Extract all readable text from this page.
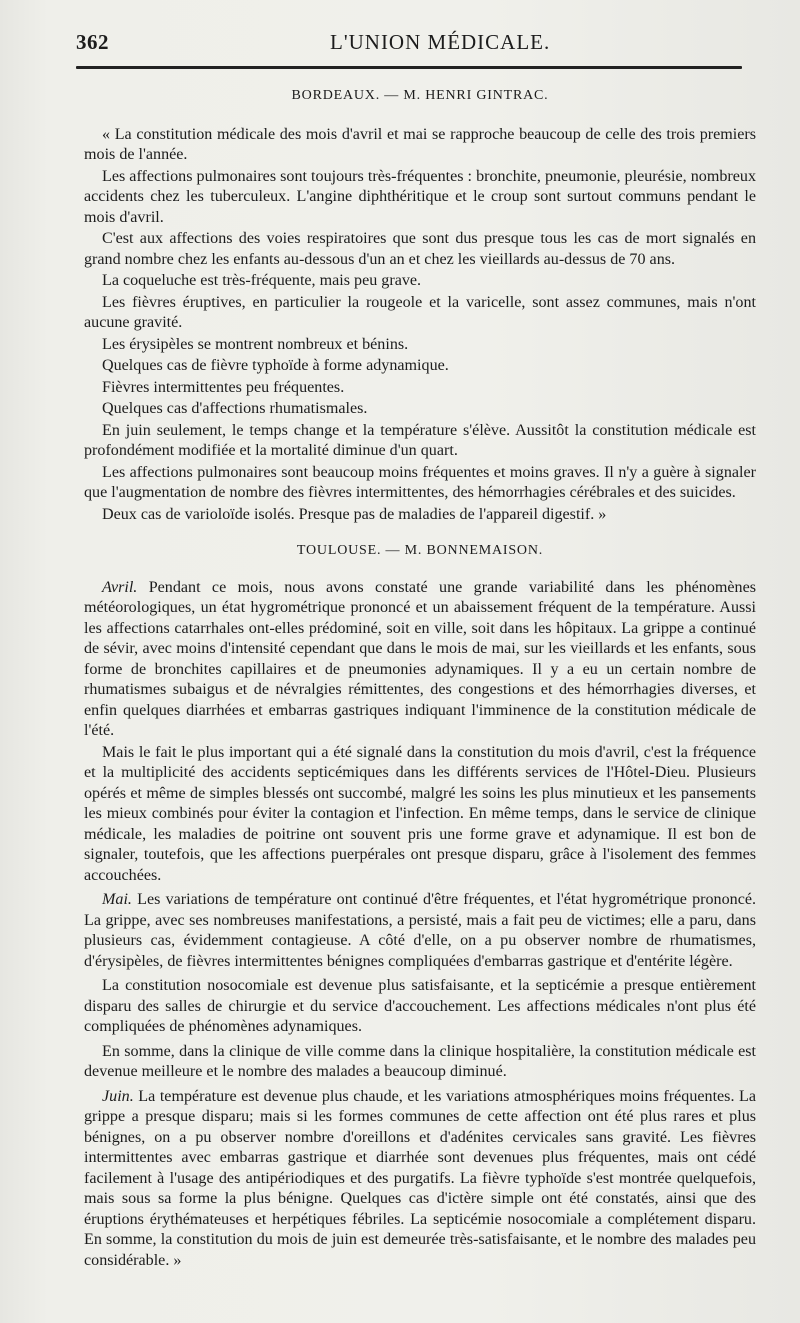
362	L'UNION MÉDICALE.
BORDEAUX. — M. HENRI GINTRAC.

« La constitution médicale des mois d'avril et mai se rapproche beaucoup de celle des trois premiers mois de l'année.

Les affections pulmonaires sont toujours très-fréquentes : bronchite, pneumonie, pleurésie, nombreux accidents chez les tuberculeux. L'angine diphthéritique et le croup sont surtout communs pendant le mois d'avril.

C'est aux affections des voies respiratoires que sont dus presque tous les cas de mort signalés en grand nombre chez les enfants au-dessous d'un an et chez les vieillards au-dessus de 70 ans.

La coqueluche est très-fréquente, mais peu grave.

Les fièvres éruptives, en particulier la rougeole et la varicelle, sont assez communes, mais n'ont aucune gravité.

Les érysipèles se montrent nombreux et bénins.

Quelques cas de fièvre typhoïde à forme adynamique.

Fièvres intermittentes peu fréquentes.

Quelques cas d'affections rhumatismales.

En juin seulement, le temps change et la température s'élève. Aussitôt la constitution médicale est profondément modifiée et la mortalité diminue d'un quart.

Les affections pulmonaires sont beaucoup moins fréquentes et moins graves. Il n'y a guère à signaler que l'augmentation de nombre des fièvres intermittentes, des hémorrhagies cérébrales et des suicides.

Deux cas de varioloïde isolés. Presque pas de maladies de l'appareil digestif. »

TOULOUSE. — M. BONNEMAISON.

Avril. Pendant ce mois, nous avons constaté une grande variabilité dans les phénomènes météorologiques, un état hygrométrique prononcé et un abaissement fréquent de la température. Aussi les affections catarrhales ont-elles prédominé, soit en ville, soit dans les hôpitaux. La grippe a continué de sévir, avec moins d'intensité cependant que dans le mois de mai, sur les vieillards et les enfants, sous forme de bronchites capillaires et de pneumonies adynamiques. Il y a eu un certain nombre de rhumatismes subaigus et de névralgies rémittentes, des congestions et des hémorrhagies diverses, et enfin quelques diarrhées et embarras gastriques indiquant l'imminence de la constitution médicale de l'été.

Mais le fait le plus important qui a été signalé dans la constitution du mois d'avril, c'est la fréquence et la multiplicité des accidents septicémiques dans les différents services de l'Hôtel-Dieu. Plusieurs opérés et même de simples blessés ont succombé, malgré les soins les plus minutieux et les pansements les mieux combinés pour éviter la contagion et l'infection. En même temps, dans le service de clinique médicale, les maladies de poitrine ont souvent pris une forme grave et adynamique. Il est bon de signaler, toutefois, que les affections puerpérales ont presque disparu, grâce à l'isolement des femmes accouchées.

Mai. Les variations de température ont continué d'être fréquentes, et l'état hygrométrique prononcé. La grippe, avec ses nombreuses manifestations, a persisté, mais a fait peu de victimes; elle a paru, dans plusieurs cas, évidemment contagieuse. A côté d'elle, on a pu observer nombre de rhumatismes, d'érysipèles, de fièvres intermittentes bénignes compliquées d'embarras gastrique et d'entérite légère.

La constitution nosocomiale est devenue plus satisfaisante, et la septicémie a presque entièrement disparu des salles de chirurgie et du service d'accouchement. Les affections médicales n'ont plus été compliquées de phénomènes adynamiques.

En somme, dans la clinique de ville comme dans la clinique hospitalière, la constitution médicale est devenue meilleure et le nombre des malades a beaucoup diminué.

Juin. La température est devenue plus chaude, et les variations atmosphériques moins fréquentes. La grippe a presque disparu; mais si les formes communes de cette affection ont été plus rares et plus bénignes, on a pu observer nombre d'oreillons et d'adénites cervicales sans gravité. Les fièvres intermittentes avec embarras gastrique et diarrhée sont devenues plus fréquentes, mais ont cédé facilement à l'usage des antipériodiques et des purgatifs. La fièvre typhoïde s'est montrée quelquefois, mais sous sa forme la plus bénigne. Quelques cas d'ictère simple ont été constatés, ainsi que des éruptions érythémateuses et herpétiques fébriles. La septicémie nosocomiale a complétement disparu. En somme, la constitution du mois de juin est demeurée très-satisfaisante, et le nombre des malades peu considérable. »
